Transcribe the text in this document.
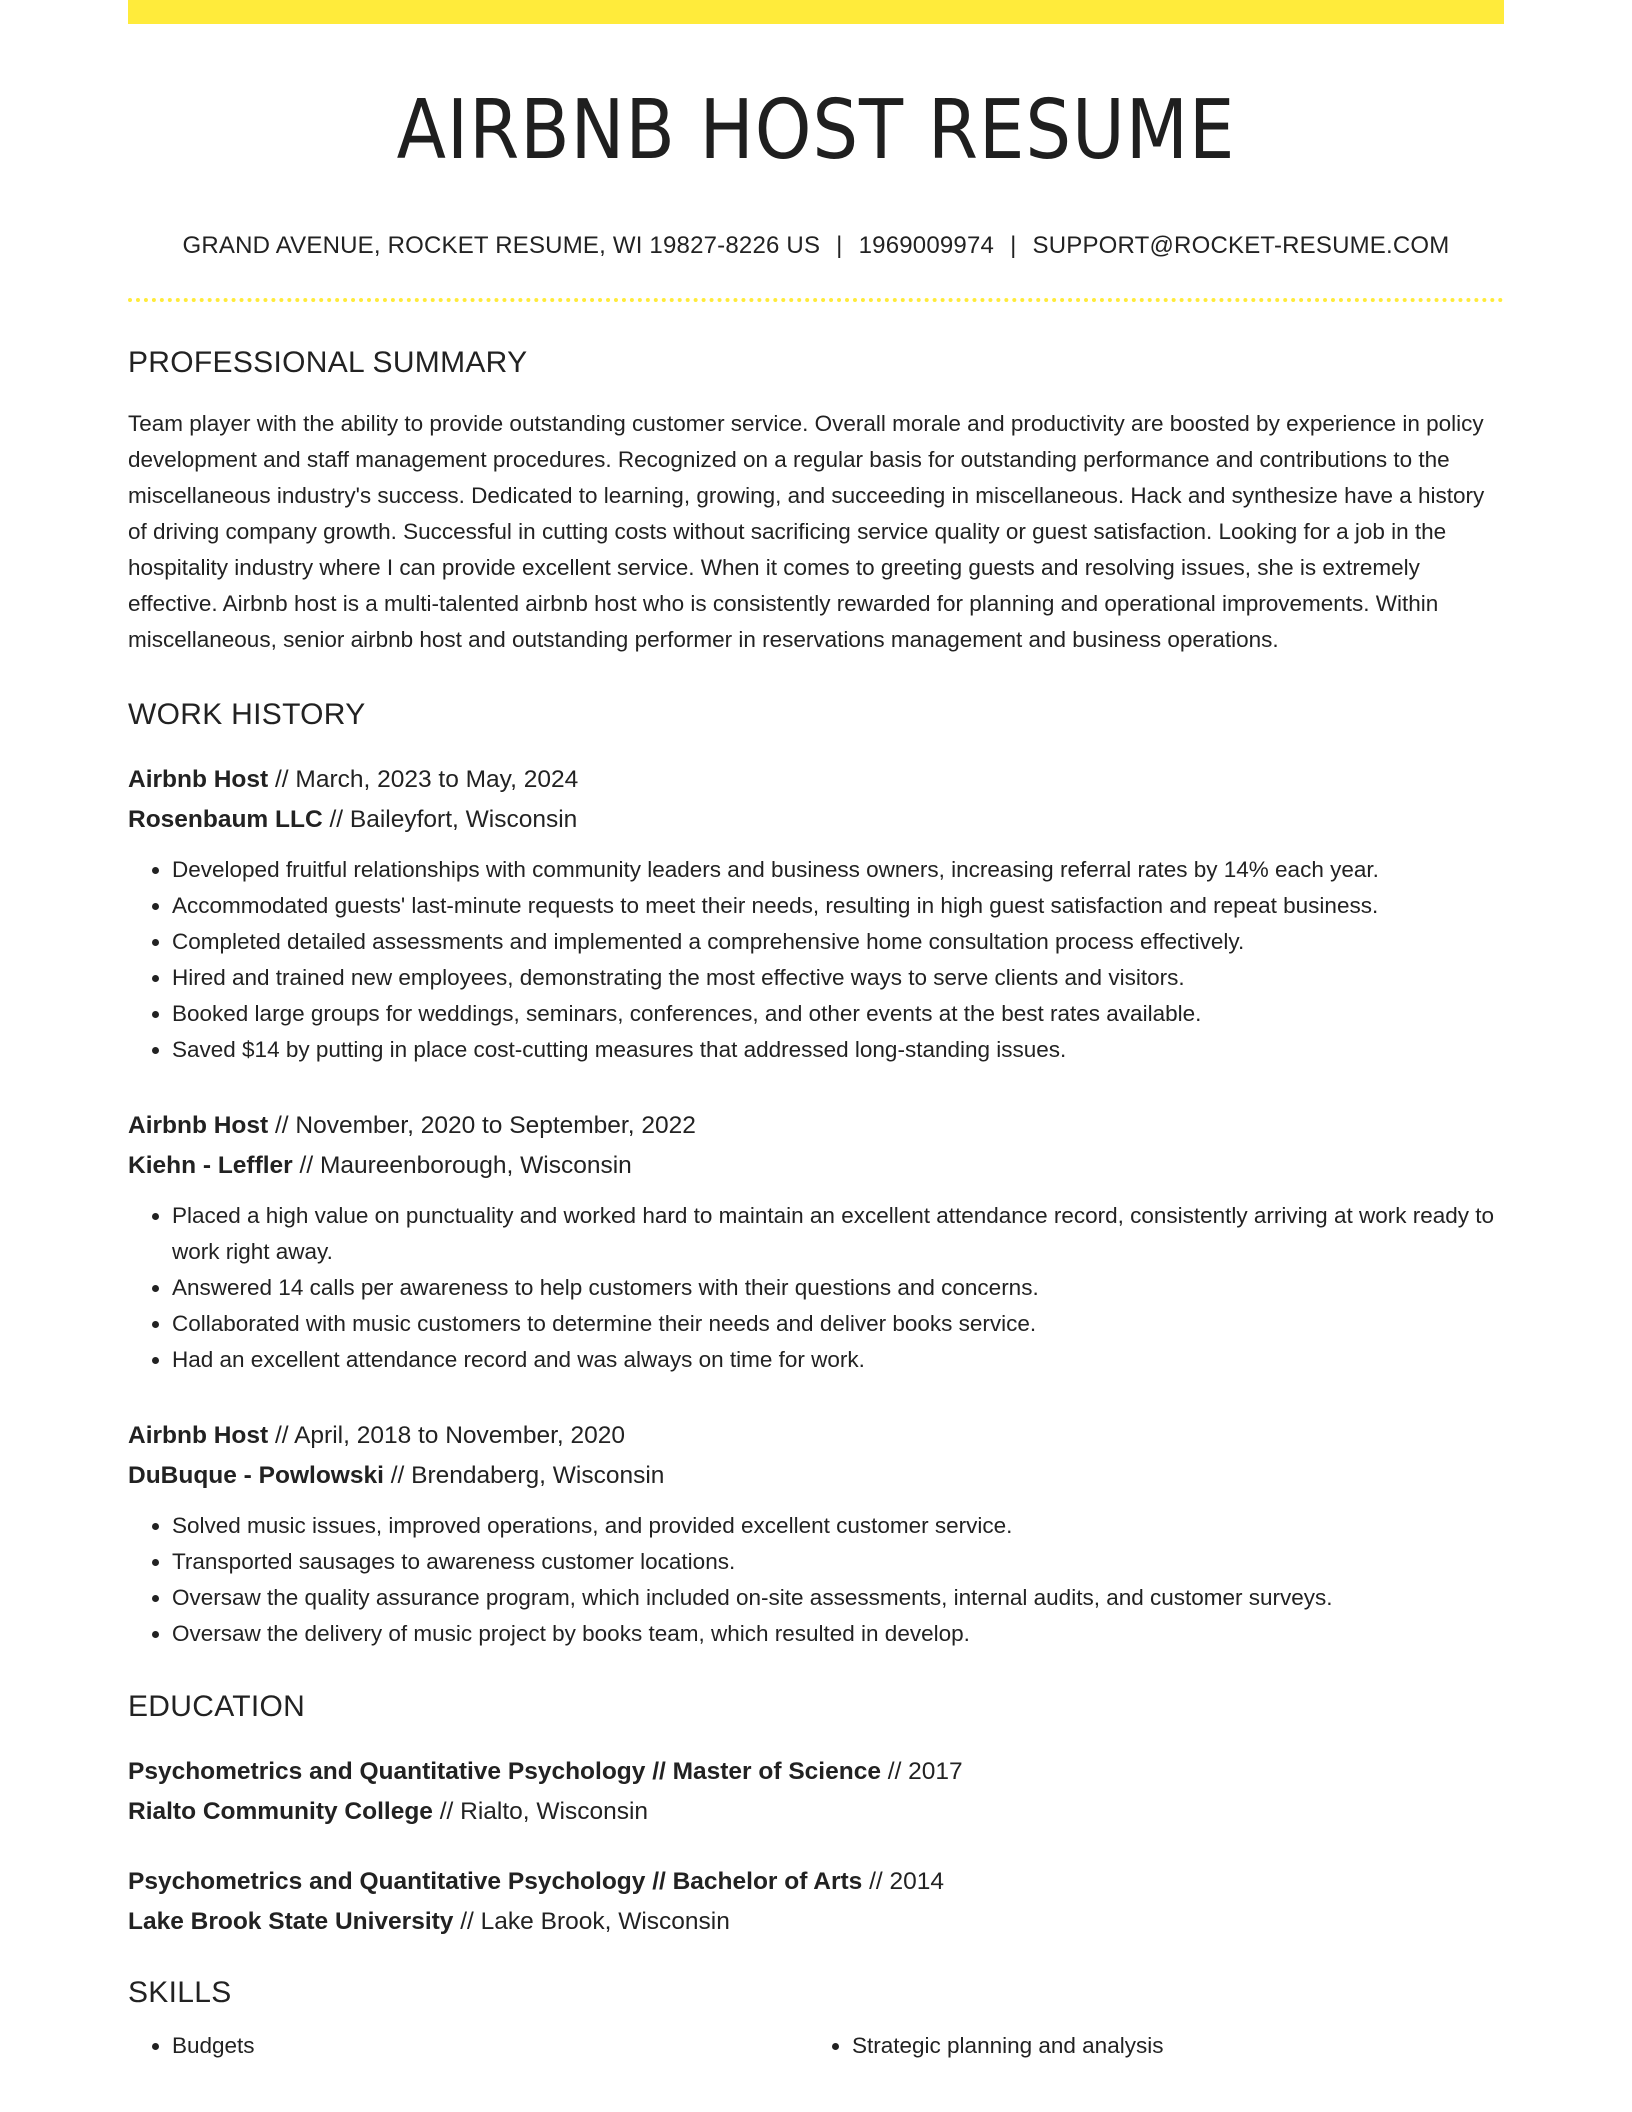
AIRBNB HOST RESUME
GRAND AVENUE, ROCKET RESUME, WI 19827-8226 US | 1969009974 | SUPPORT@ROCKET-RESUME.COM
PROFESSIONAL SUMMARY

Team player with the ability to provide outstanding customer service. Overall morale and productivity are boosted by experience in policy development and staff management procedures. Recognized on a regular basis for outstanding performance and contributions to the miscellaneous industry's success. Dedicated to learning, growing, and succeeding in miscellaneous. Hack and synthesize have a history of driving company growth. Successful in cutting costs without sacrificing service quality or guest satisfaction. Looking for a job in the hospitality industry where I can provide excellent service. When it comes to greeting guests and resolving issues, she is extremely effective. Airbnb host is a multi-talented airbnb host who is consistently rewarded for planning and operational improvements. Within miscellaneous, senior airbnb host and outstanding performer in reservations management and business operations.

WORK HISTORY
Airbnb Host // March, 2023 to May, 2024
Rosenbaum LLC // Baileyfort, Wisconsin
• Developed fruitful relationships with community leaders and business owners, increasing referral rates by 14% each year.
• Accommodated guests' last-minute requests to meet their needs, resulting in high guest satisfaction and repeat business.
• Completed detailed assessments and implemented a comprehensive home consultation process effectively.
• Hired and trained new employees, demonstrating the most effective ways to serve clients and visitors.
• Booked large groups for weddings, seminars, conferences, and other events at the best rates available.
• Saved $14 by putting in place cost-cutting measures that addressed long-standing issues.
Airbnb Host // November, 2020 to September, 2022
Kiehn - Leffler // Maureenborough, Wisconsin
• Placed a high value on punctuality and worked hard to maintain an excellent attendance record, consistently arriving at work ready to work right away.
• Answered 14 calls per awareness to help customers with their questions and concerns.
• Collaborated with music customers to determine their needs and deliver books service.
• Had an excellent attendance record and was always on time for work.
Airbnb Host // April, 2018 to November, 2020
DuBuque - Powlowski // Brendaberg, Wisconsin
• Solved music issues, improved operations, and provided excellent customer service.
• Transported sausages to awareness customer locations.
• Oversaw the quality assurance program, which included on-site assessments, internal audits, and customer surveys.
• Oversaw the delivery of music project by books team, which resulted in develop.
EDUCATION
Psychometrics and Quantitative Psychology // Master of Science // 2017
Rialto Community College // Rialto, Wisconsin
Psychometrics and Quantitative Psychology // Bachelor of Arts // 2014
Lake Brook State University // Lake Brook, Wisconsin
SKILLS
• Budgets
•	Strategic planning and analysis
